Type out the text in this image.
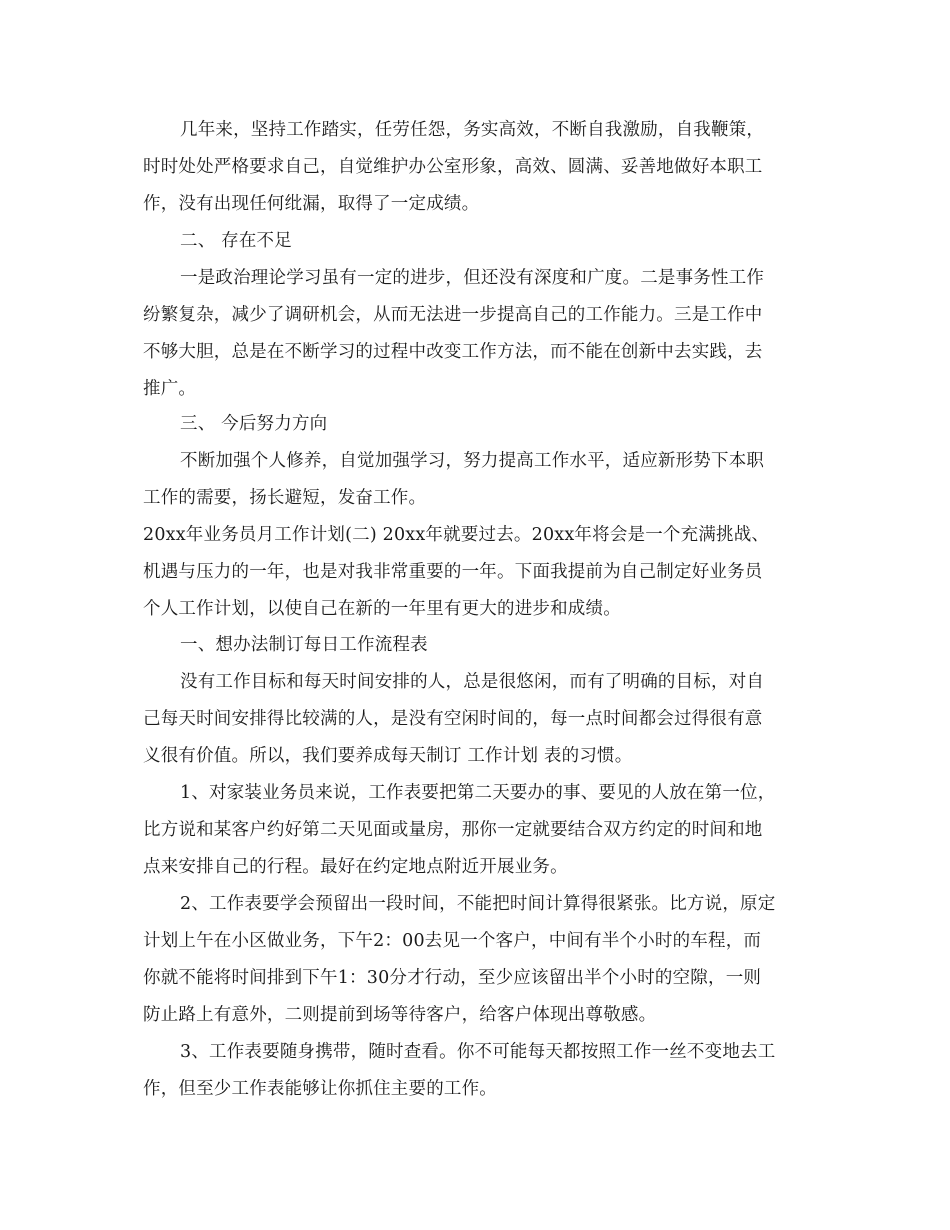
几年来，坚持工作踏实，任劳任怨，务实高效，不断自我激励，自我鞭策，
时时处处严格要求自己，自觉维护办公室形象，高效、圆满、妥善地做好本职工
作，没有出现任何纰漏，取得了一定成绩。
二、 存在不足
一是政治理论学习虽有一定的进步，但还没有深度和广度。二是事务性工作
纷繁复杂，减少了调研机会，从而无法进一步提高自己的工作能力。三是工作中
不够大胆，总是在不断学习的过程中改变工作方法，而不能在创新中去实践，去
推广。
三、 今后努力方向
不断加强个人修养，自觉加强学习，努力提高工作水平，适应新形势下本职
工作的需要，扬长避短，发奋工作。
20xx年业务员月工作计划(二) 20xx年就要过去。20xx年将会是一个充满挑战、
机遇与压力的一年，也是对我非常重要的一年。下面我提前为自己制定好业务员
个人工作计划，以使自己在新的一年里有更大的进步和成绩。
一、想办法制订每日工作流程表
没有工作目标和每天时间安排的人，总是很悠闲，而有了明确的目标，对自
己每天时间安排得比较满的人，是没有空闲时间的，每一点时间都会过得很有意
义很有价值。所以，我们要养成每天制订 工作计划 表的习惯。
1、对家装业务员来说，工作表要把第二天要办的事、要见的人放在第一位，
比方说和某客户约好第二天见面或量房，那你一定就要结合双方约定的时间和地
点来安排自己的行程。最好在约定地点附近开展业务。
2、工作表要学会预留出一段时间，不能把时间计算得很紧张。比方说，原定
计划上午在小区做业务，下午2：00去见一个客户，中间有半个小时的车程，而
你就不能将时间排到下午1：30分才行动，至少应该留出半个小时的空隙，一则
防止路上有意外，二则提前到场等待客户，给客户体现出尊敬感。
3、工作表要随身携带，随时查看。你不可能每天都按照工作一丝不变地去工
作，但至少工作表能够让你抓住主要的工作。
